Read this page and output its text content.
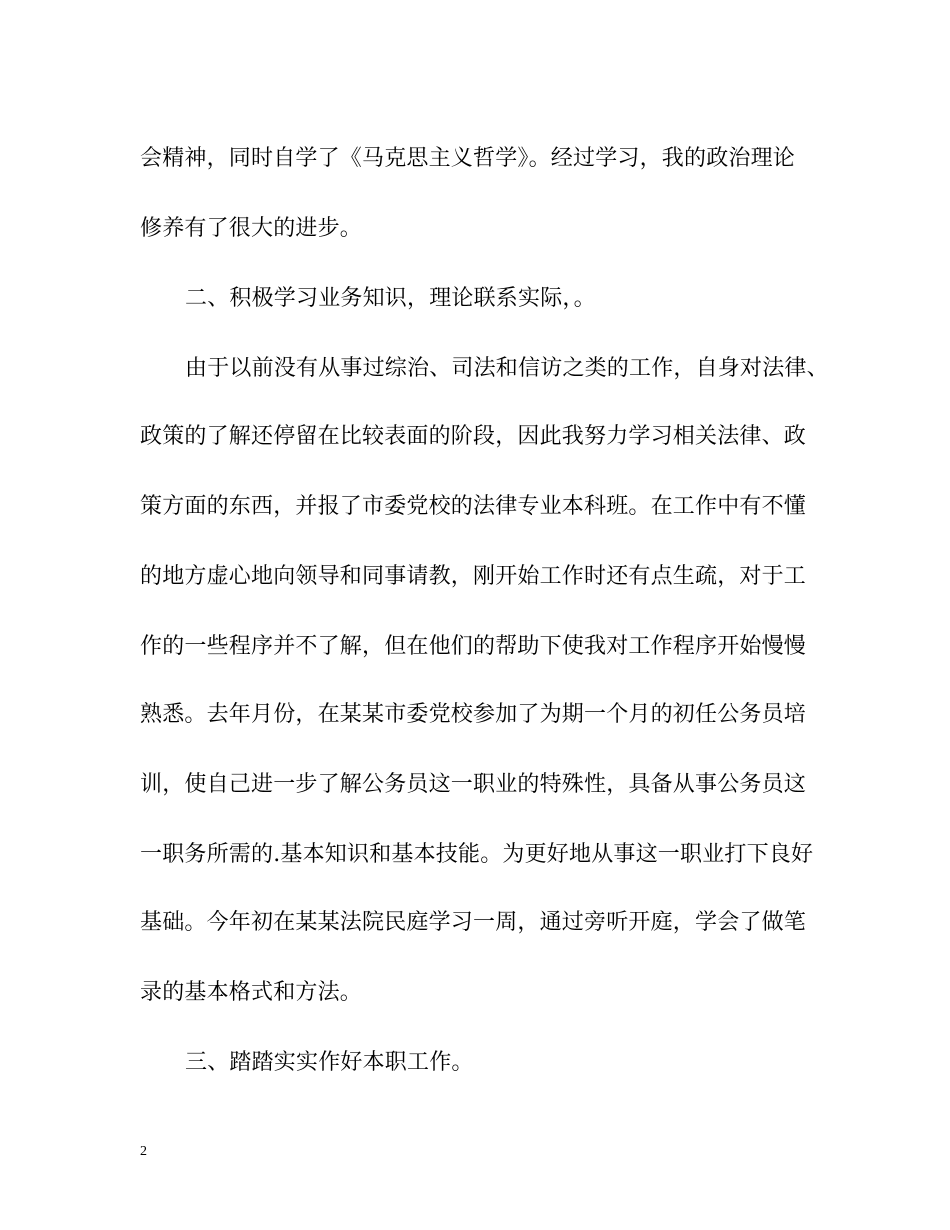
会精神，同时自学了《马克思主义哲学》。经过学习，我的政治理论
修养有了很大的进步。
二、积极学习业务知识，理论联系实际，。
由于以前没有从事过综治、司法和信访之类的工作，自身对法律、
政策的了解还停留在比较表面的阶段，因此我努力学习相关法律、政
策方面的东西，并报了市委党校的法律专业本科班。在工作中有不懂
的地方虚心地向领导和同事请教，刚开始工作时还有点生疏，对于工
作的一些程序并不了解，但在他们的帮助下使我对工作程序开始慢慢
熟悉。去年月份，在某某市委党校参加了为期一个月的初任公务员培
训，使自己进一步了解公务员这一职业的特殊性，具备从事公务员这
一职务所需的.基本知识和基本技能。为更好地从事这一职业打下良好
基础。今年初在某某法院民庭学习一周，通过旁听开庭，学会了做笔
录的基本格式和方法。
三、踏踏实实作好本职工作。
2
